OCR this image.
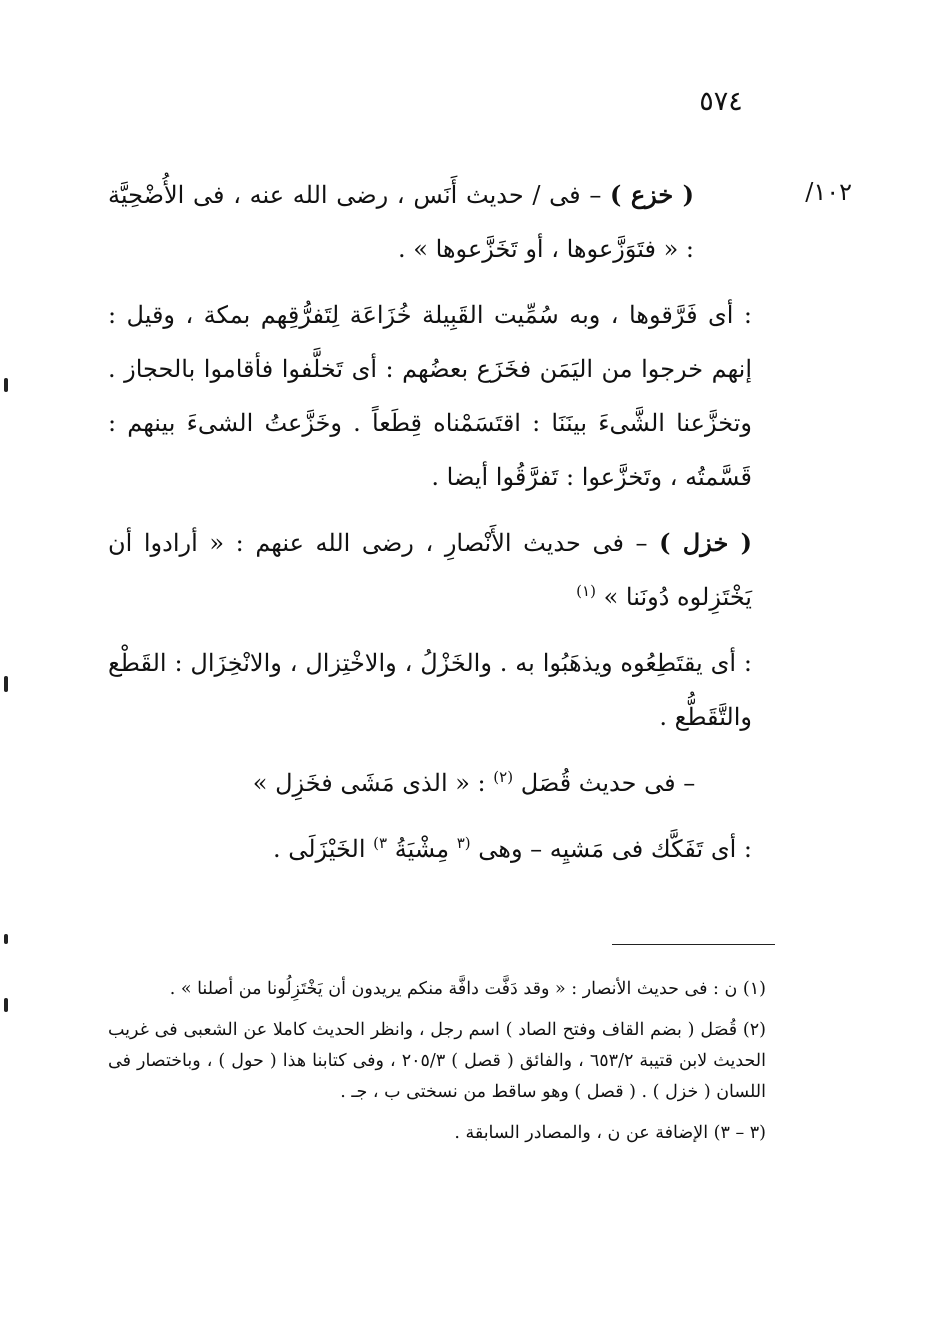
٥٧٤
١٠٢/

( خزع ) – فى / حديث أَنَس ، رضى الله عنه ، فى الأُضْحِيَّة : « فتَوَزَّعوها ، أو تَخَزَّعوها » .

: أى فَرَّقوها ، وبه سُمِّيت القَبِيلة خُزَاعَة لِتَفرُّقِهم بمكة ، وقيل : إنهم خرجوا من اليَمَن فخَزَع بعضُهم : أى تَخلَّفوا فأقاموا بالحجاز . وتخزَّعنا الشَّىءَ بينَنَا : اقتَسَمْناه قِطَعاً . وخَزَّعتُ الشىءَ بينهم : قَسَّمتُه ، وتَخزَّعوا : تَفرَّقُوا أيضا .

( خزل ) – فى حديث الأَنْصارِ ، رضى الله عنهم : « أرادوا أن يَخْتَزِلوه دُونَنا » $^{(١)}$

: أى يقتَطِعُوه ويذهَبُوا به . والخَزْلُ ، والاخْتِزال ، والانْخِزَال : القَطْع والتَّقَطُّع .

– فى حديث قُصَل $^{(٢)}$ : « الذى مَشَى فخَزِل »

: أى تَفَكَّك فى مَشيِه – وهى $^{(٣}$ مِشْيَةُ $^{٣)}$ الخَيْزَلَى .

(١) ن : فى حديث الأنصار : « وقد دَفَّت دافَّة منكم يريدون أن يَخْتَزِلُونا من أصلنا » .

(٢) قُصَل ( بضم القاف وفتح الصاد ) اسم رجل ، وانظر الحديث كاملا عن الشعبى فى غريب الحديث لابن قتيبة ٦٥٣/٢ ، والفائق ( قصل ) ٢٠٥/٣ ، وفى كتابنا هذا ( حول ) ، وباختصار فى اللسان ( خزل ) . ( قصل ) وهو ساقط من نسختى ب ، جـ .

(٣ – ٣) الإضافة عن ن ، والمصادر السابقة .
